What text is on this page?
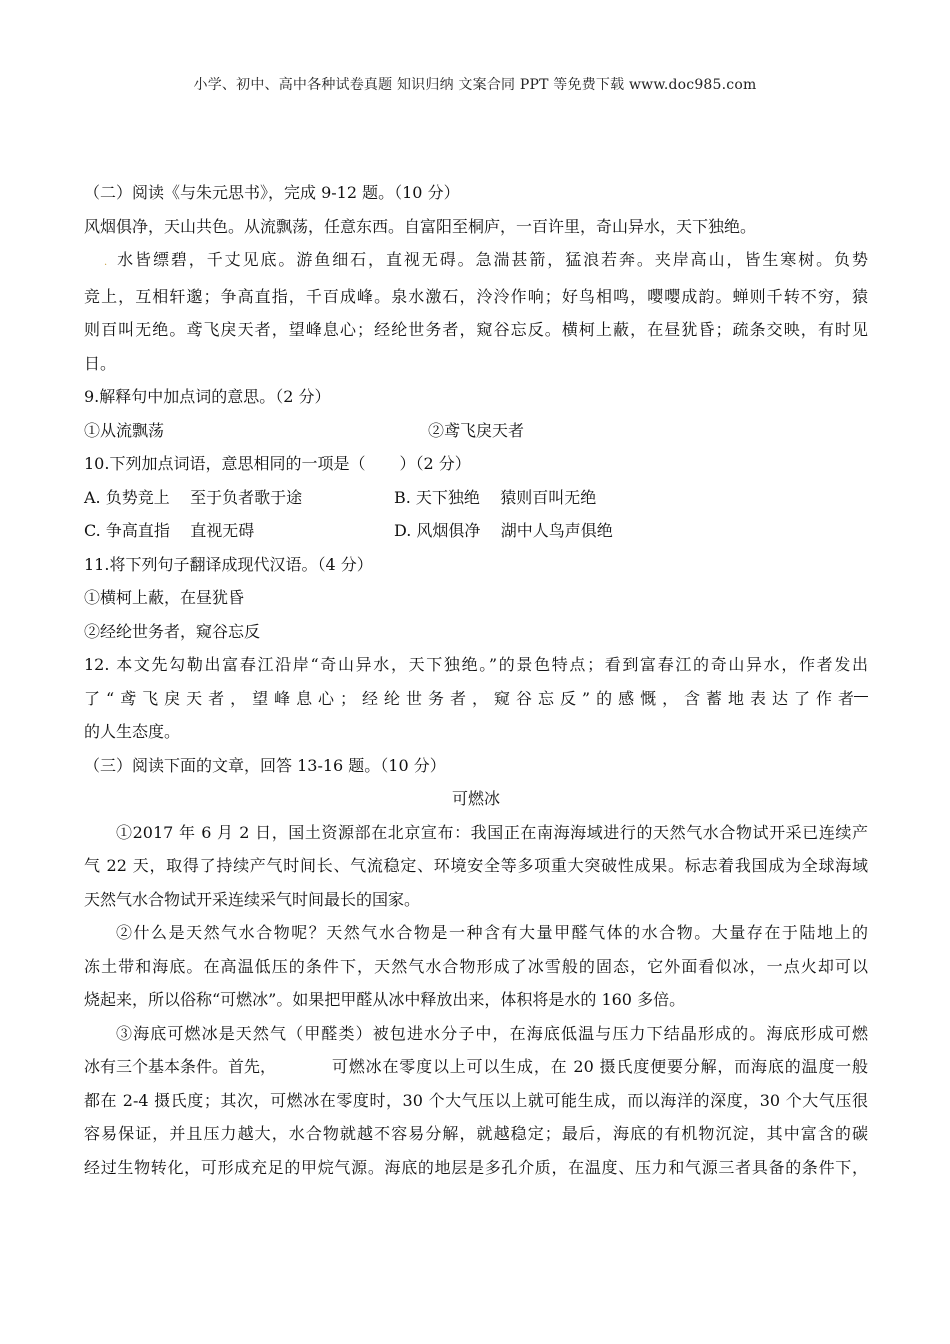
小学、初中、高中各种试卷真题 知识归纳 文案合同 PPT 等免费下载 www.doc985.com
（二）阅读《与朱元思书》，完成 9-12 题。（10 分）
风烟俱净，天山共色。从流飘荡，任意东西。自富阳至桐庐，一百许里，奇山异水，天下独绝。
. 水皆缥碧，千丈见底。游鱼细石，直视无碍。急湍甚箭，猛浪若奔。夹岸高山，皆生寒树。负势
竞上，互相轩邈；争高直指，千百成峰。泉水激石，泠泠作响；好鸟相鸣，嘤嘤成韵。蝉则千转不穷，猿
则百叫无绝。鸢飞戾天者，望峰息心；经纶世务者，窥谷忘反。横柯上蔽，在昼犹昏；疏条交映，有时见
日。
9.解释句中加点词的意思。（2 分）
①从流飘荡	②鸢飞戾天者
10.下列加点词语，意思相同的一项是（ ）（2 分）
A. 负势竞上 至于负者歌于途	B. 天下独绝 猿则百叫无绝
C. 争高直指 直视无碍	D. 风烟俱净 湖中人鸟声俱绝
11.将下列句子翻译成现代汉语。（4 分）
①横柯上蔽，在昼犹昏
②经纶世务者，窥谷忘反
12. 本文先勾勒出富春江沿岸“奇山异水，天下独绝。”的景色特点；看到富春江的奇山异水，作者发出
了“鸢飞戾天者，望峰息心；经纶世务者，窥谷忘反”的感慨，含蓄地表达了作者
的人生态度。
（三）阅读下面的文章，回答 13-16 题。（10 分）
可燃冰
①2017 年 6 月 2 日，国土资源部在北京宣布：我国正在南海海域进行的天然气水合物试开采已连续产
气 22 天，取得了持续产气时间长、气流稳定、环境安全等多项重大突破性成果。标志着我国成为全球海域
天然气水合物试开采连续采气时间最长的国家。
②什么是天然气水合物呢？天然气水合物是一种含有大量甲醛气体的水合物。大量存在于陆地上的
冻土带和海底。在高温低压的条件下，天然气水合物形成了冰雪般的固态，它外面看似冰，一点火却可以
烧起来，所以俗称“可燃冰”。如果把甲醛从冰中释放出来，体积将是水的 160 多倍。
③海底可燃冰是天然气（甲醛类）被包进水分子中，在海底低温与压力下结晶形成的。海底形成可燃
冰有三个基本条件。首先，	可燃冰在零度以上可以生成，在 20 摄氏度便要分解，而海底的温度一般
都在 2-4 摄氏度；其次，可燃冰在零度时，30 个大气压以上就可能生成，而以海洋的深度，30 个大气压很
容易保证，并且压力越大，水合物就越不容易分解，就越稳定；最后，海底的有机物沉淀，其中富含的碳
经过生物转化，可形成充足的甲烷气源。海底的地层是多孔介质，在温度、压力和气源三者具备的条件下，
